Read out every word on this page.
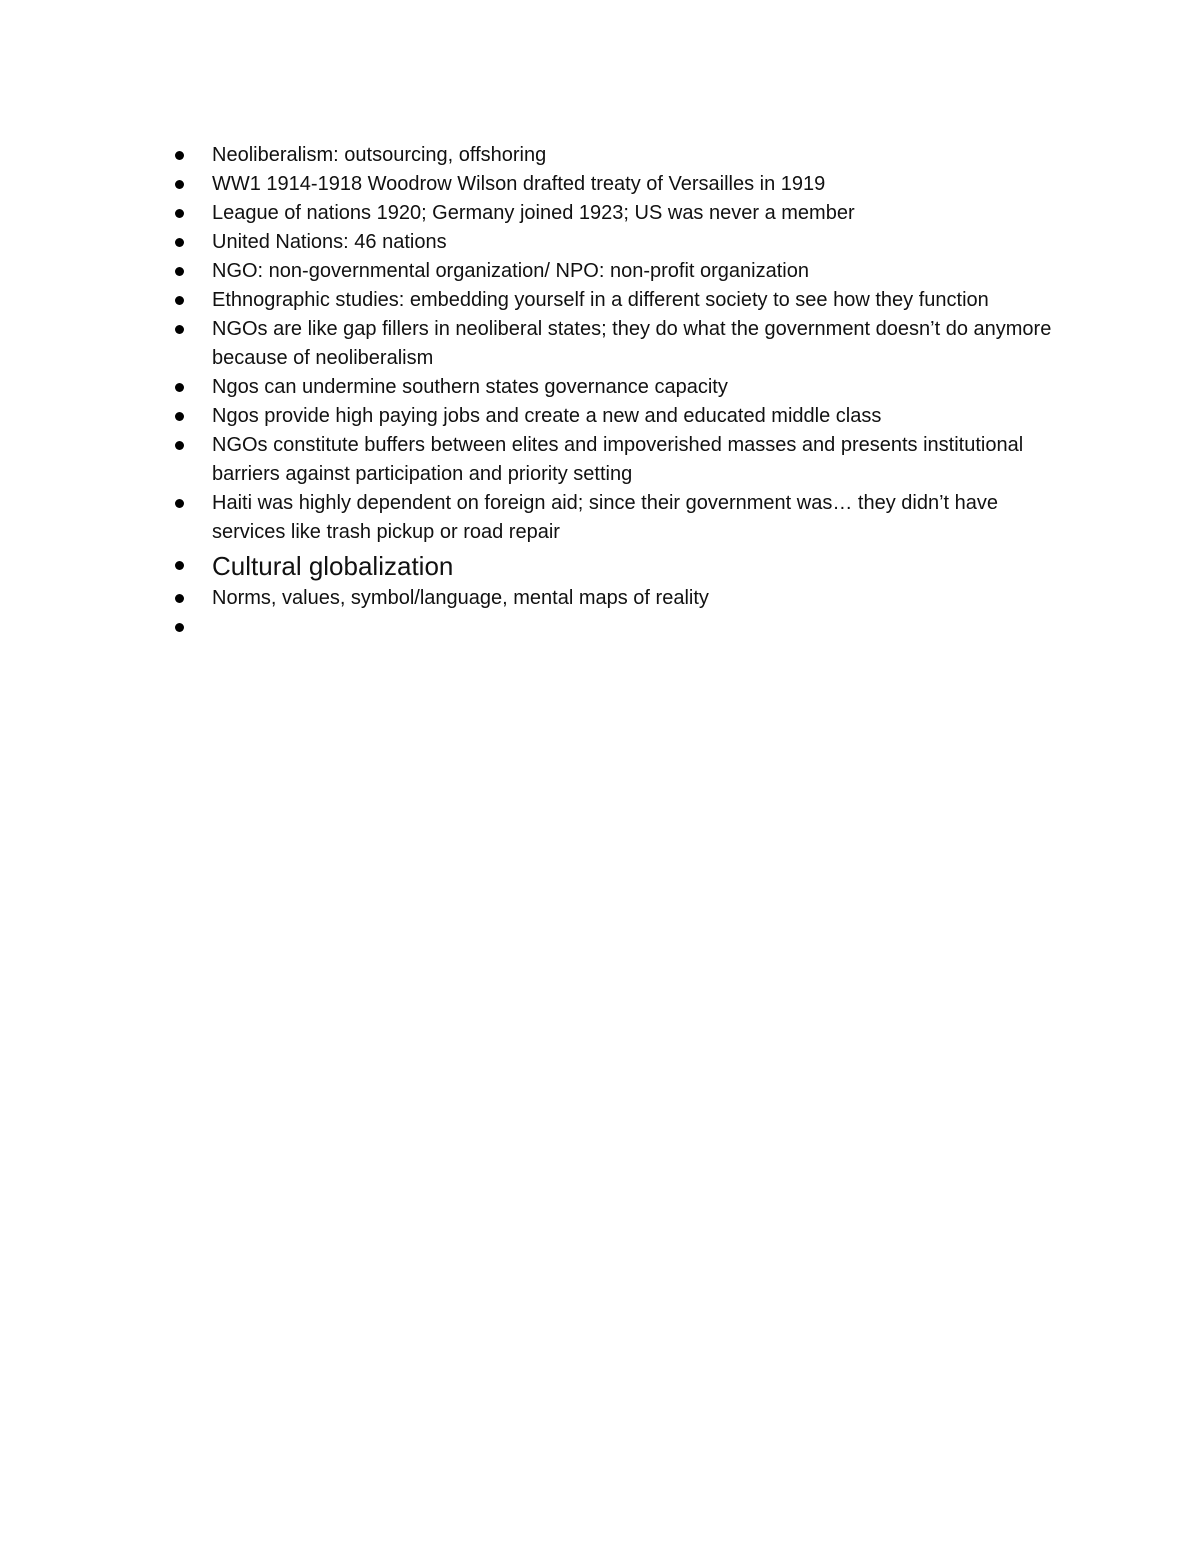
Neoliberalism: outsourcing, offshoring
WW1 1914-1918 Woodrow Wilson drafted treaty of Versailles in 1919
League of nations 1920; Germany joined 1923; US was never a member
United Nations: 46 nations
NGO: non-governmental organization/ NPO: non-profit organization
Ethnographic studies: embedding yourself in a different society to see how they function
NGOs are like gap fillers in neoliberal states; they do what the government doesn’t do anymore because of neoliberalism
Ngos can undermine southern states governance capacity
Ngos provide high paying jobs and create a new and educated middle class
NGOs constitute buffers between elites and impoverished masses and presents institutional barriers against participation and priority setting
Haiti was highly dependent on foreign aid; since their government was… they didn’t have services like trash pickup or road repair
Cultural globalization
Norms, values, symbol/language, mental maps of reality
